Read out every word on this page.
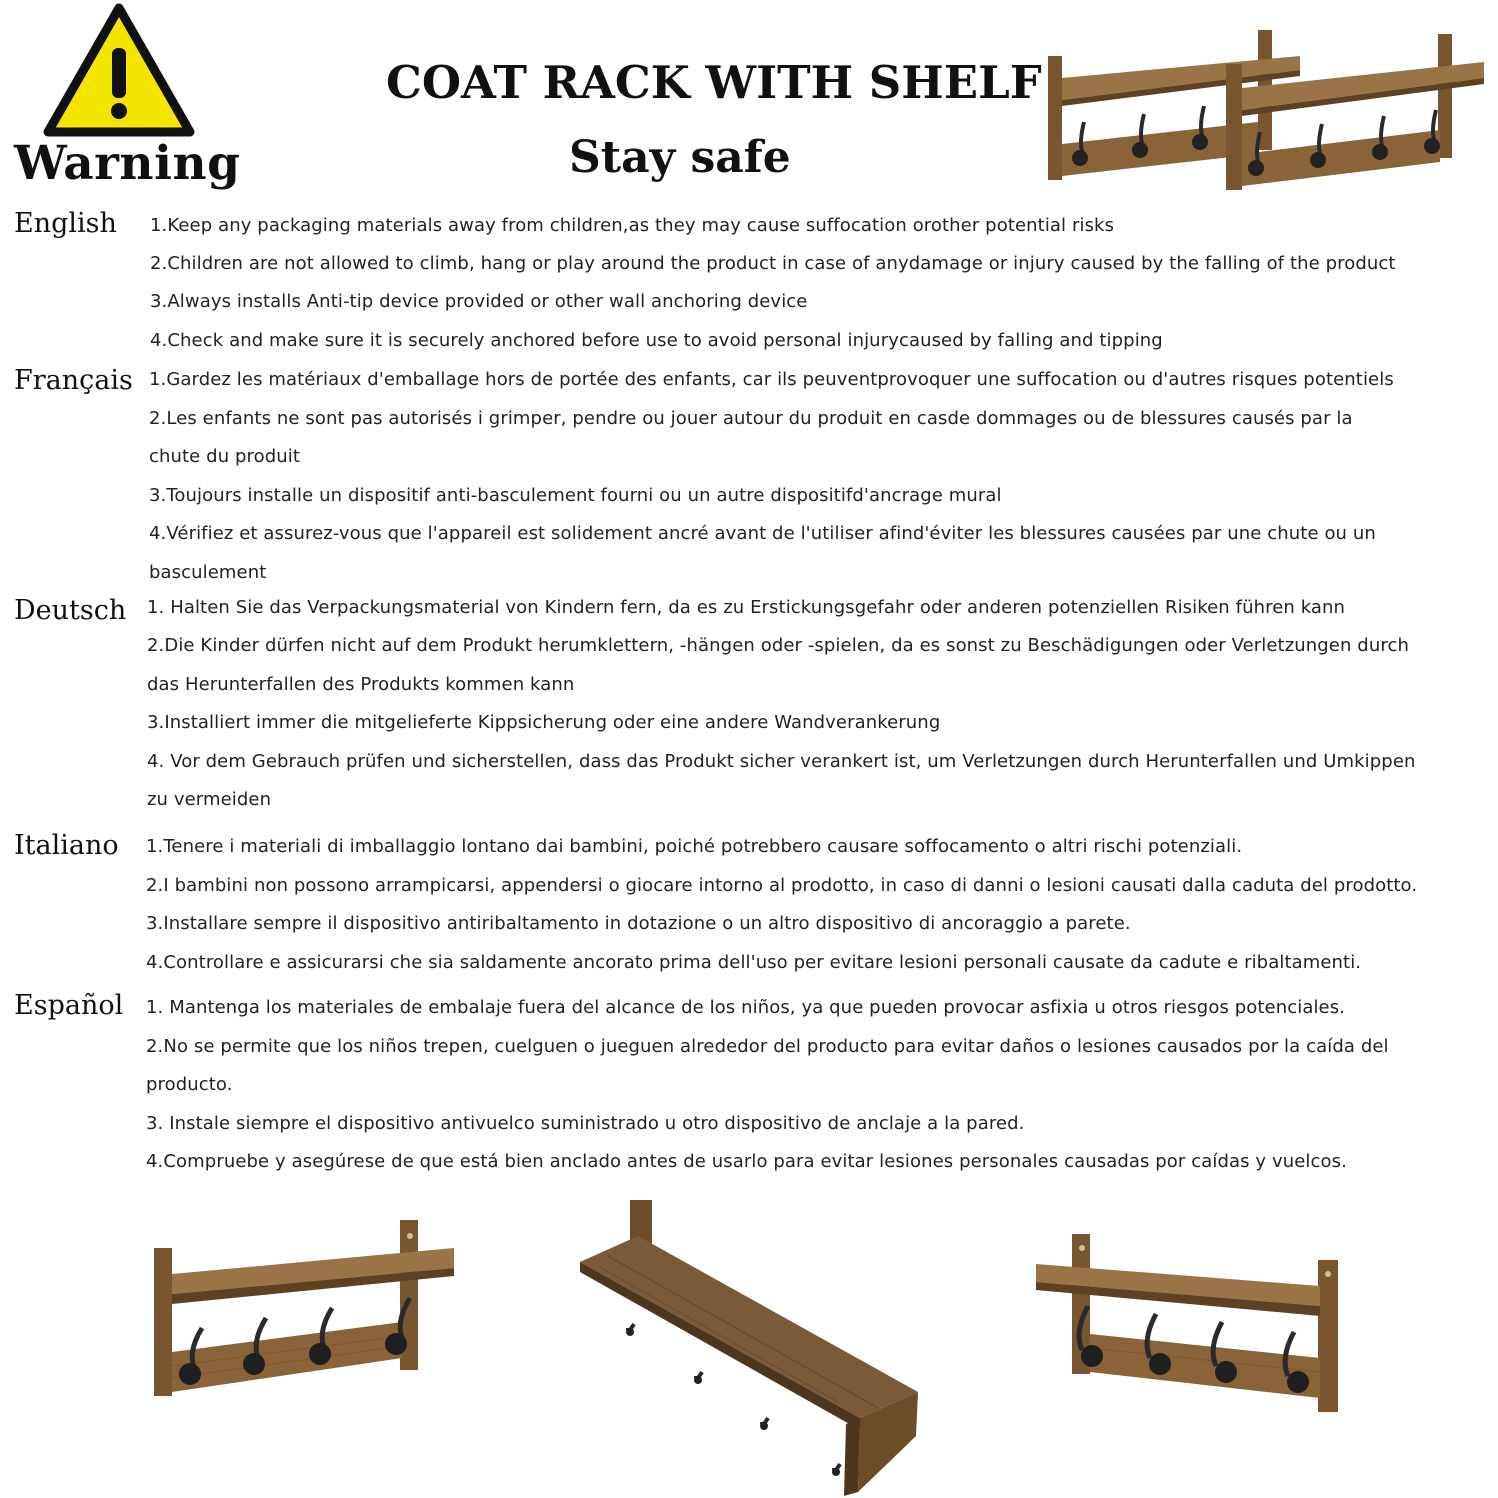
Warning
COAT RACK WITH SHELF
Stay safe
English 1.Keep any packaging materials away from children,as they may cause suffocation orother potential risks
2.Children are not allowed to climb, hang or play around the product in case of anydamage or injury caused by the falling of the product
3.Always installs Anti-tip device provided or other wall anchoring device
4.Check and make sure it is securely anchored before use to avoid personal injurycaused by falling and tipping
Français 1.Gardez les matériaux d'emballage hors de portée des enfants, car ils peuventprovoquer une suffocation ou d'autres risques potentiels
2.Les enfants ne sont pas autorisés i grimper, pendre ou jouer autour du produit en casde dommages ou de blessures causés par la
chute du produit
3.Toujours installe un dispositif anti-basculement fourni ou un autre dispositifd'ancrage mural
4.Vérifiez et assurez-vous que l'appareil est solidement ancré avant de l'utiliser afind'éviter les blessures causées par une chute ou un
basculement
Deutsch 1. Halten Sie das Verpackungsmaterial von Kindern fern, da es zu Erstickungsgefahr oder anderen potenziellen Risiken führen kann
2.Die Kinder dürfen nicht auf dem Produkt herumklettern, -hängen oder -spielen, da es sonst zu Beschädigungen oder Verletzungen durch
das Herunterfallen des Produkts kommen kann
3.Installiert immer die mitgelieferte Kippsicherung oder eine andere Wandverankerung
4. Vor dem Gebrauch prüfen und sicherstellen, dass das Produkt sicher verankert ist, um Verletzungen durch Herunterfallen und Umkippen
zu vermeiden
Italiano 1.Tenere i materiali di imballaggio lontano dai bambini, poiché potrebbero causare soffocamento o altri rischi potenziali.
2.I bambini non possono arrampicarsi, appendersi o giocare intorno al prodotto, in caso di danni o lesioni causati dalla caduta del prodotto.
3.Installare sempre il dispositivo antiribaltamento in dotazione o un altro dispositivo di ancoraggio a parete.
4.Controllare e assicurarsi che sia saldamente ancorato prima dell'uso per evitare lesioni personali causate da cadute e ribaltamenti.
Español 1. Mantenga los materiales de embalaje fuera del alcance de los niños, ya que pueden provocar asfixia u otros riesgos potenciales.
2.No se permite que los niños trepen, cuelguen o jueguen alrededor del producto para evitar daños o lesiones causados por la caída del
producto.
3. Instale siempre el dispositivo antivuelco suministrado u otro dispositivo de anclaje a la pared.
4.Compruebe y asegúrese de que está bien anclado antes de usarlo para evitar lesiones personales causadas por caídas y vuelcos.
